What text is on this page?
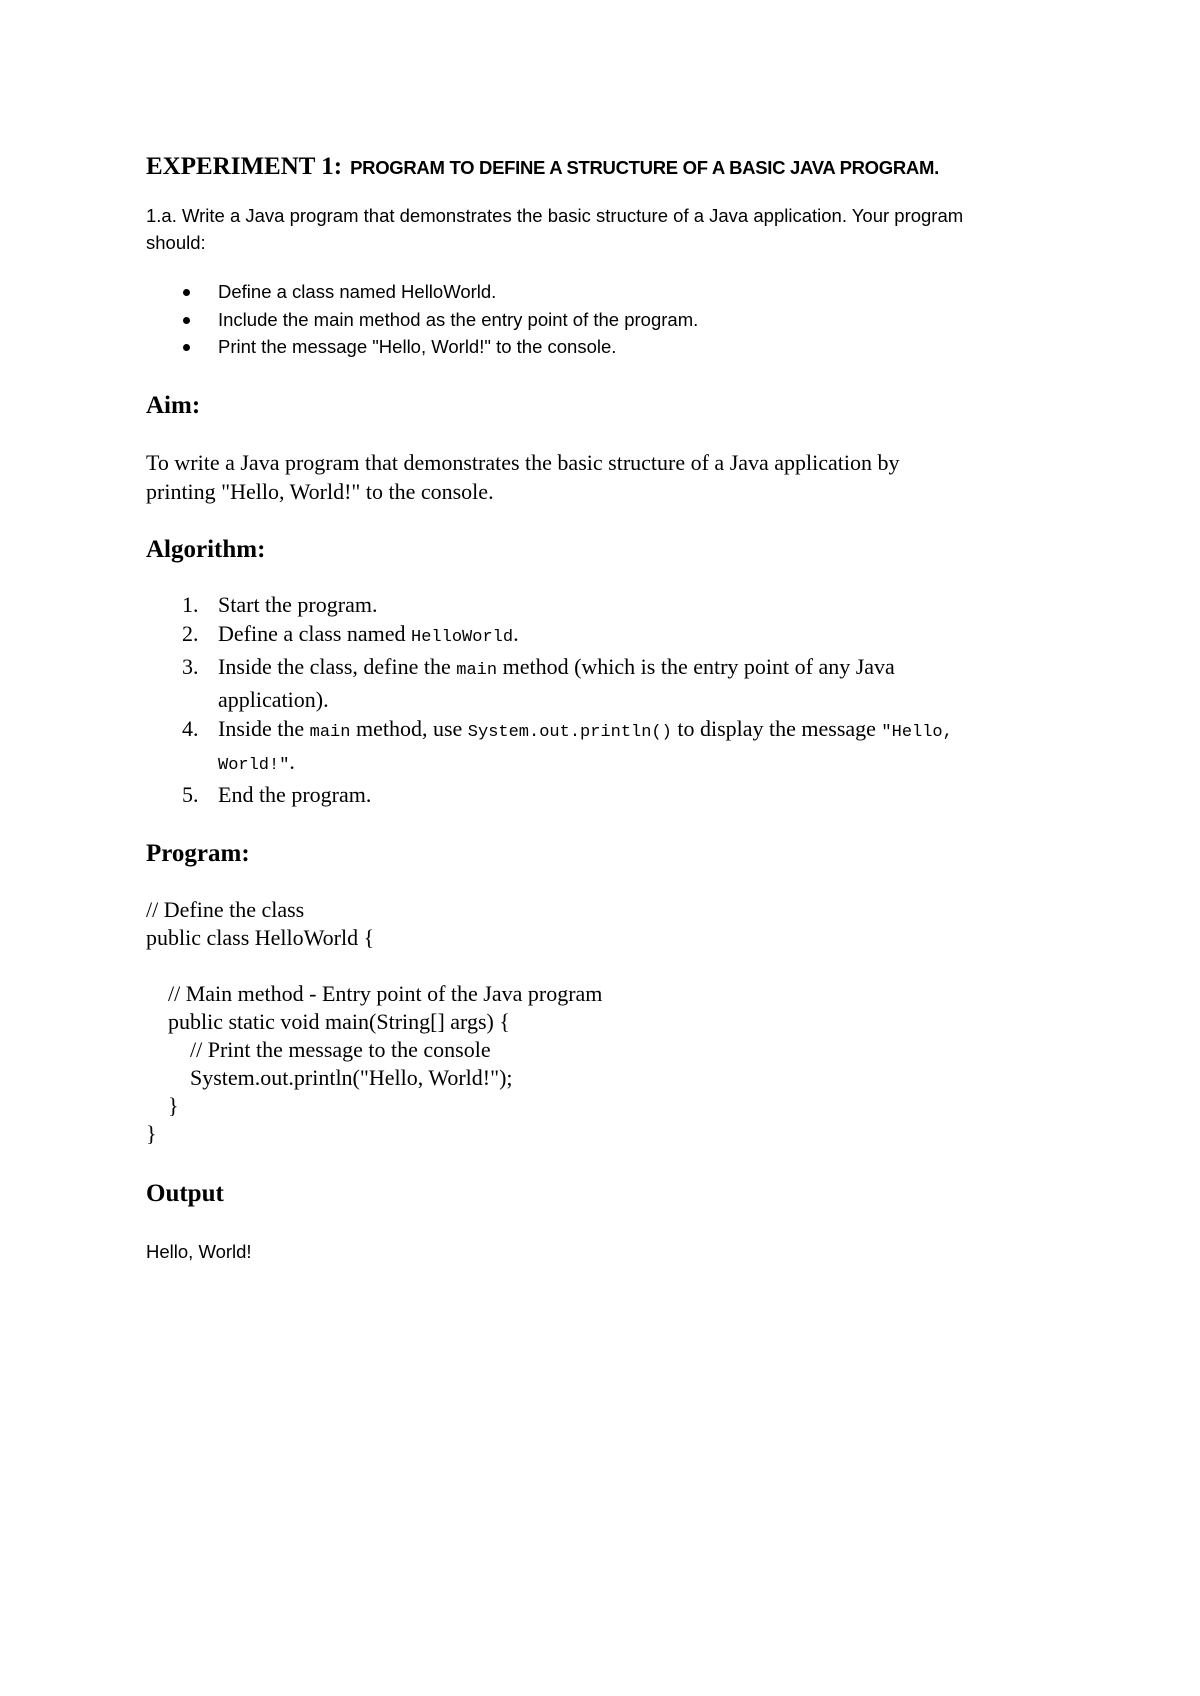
EXPERIMENT 1: PROGRAM TO DEFINE A STRUCTURE OF A BASIC JAVA PROGRAM.

1.a. Write a Java program that demonstrates the basic structure of a Java application. Your program
should:

Define a class named HelloWorld.
Include the main method as the entry point of the program.
Print the message "Hello, World!" to the console.
Aim:

To write a Java program that demonstrates the basic structure of a Java application by
printing "Hello, World!" to the console.

Algorithm:
1. Start the program.
2. Define a class named HelloWorld.
3. Inside the class, define the main method (which is the entry point of any Java
application).
4. Inside the main method, use System.out.println() to display the message "Hello,
World!".
5. End the program.
Program:
// Define the class
public class HelloWorld {

// Main method - Entry point of the Java program
public static void main(String[] args) {
// Print the message to the console
System.out.println("Hello, World!");
}
}
Output

Hello, World!
